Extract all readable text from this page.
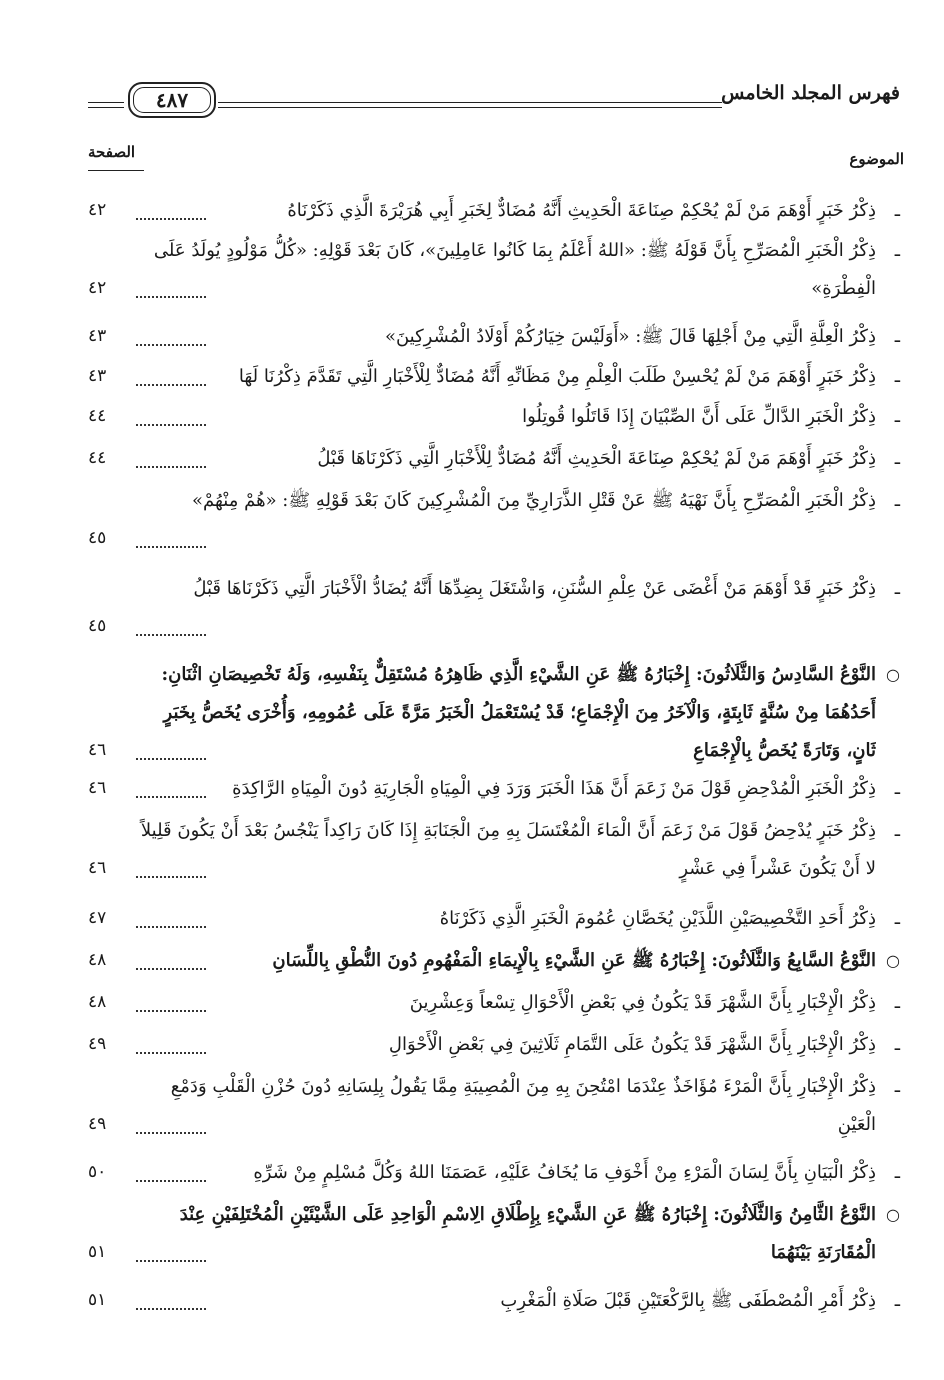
فهرس المجلد الخامس
٤٨٧
الصفحة	الموضوع
ـ
ذِكْرُ خَبَرٍ أَوْهَمَ مَنْ لَمْ يُحْكِمْ صِنَاعَةَ الْحَدِيثِ أَنَّهُ مُضَادٌّ لِخَبَرِ أَبِي هُرَيْرَةَ الَّذِي ذَكَرْنَاهُ
٤٢
ـ
ذِكْرُ الْخَبَرِ الْمُصَرِّحِ بِأَنَّ قَوْلَهُ ﷺ: «اللهُ أَعْلَمُ بِمَا كَانُوا عَامِلِينَ»، كَانَ بَعْدَ قَوْلِهِ: «كُلُّ مَوْلُودٍ يُولَدُ عَلَى الْفِطْرَةِ»
٤٢
ـ
ذِكْرُ الْعِلَّةِ الَّتِي مِنْ أَجْلِهَا قَالَ ﷺ: «أَوَلَيْسَ خِيَارُكُمْ أَوْلَادُ الْمُشْرِكِينَ»
٤٣
ـ
ذِكْرُ خَبَرٍ أَوْهَمَ مَنْ لَمْ يُحْسِنْ طَلَبَ الْعِلْمِ مِنْ مَظَانِّهِ أَنَّهُ مُضَادٌّ لِلْأَخْبَارِ الَّتِي تَقَدَّمَ ذِكْرُنَا لَهَا
٤٣
ـ
ذِكْرُ الْخَبَرِ الدَّالِّ عَلَى أَنَّ الصِّبْيَانَ إِذَا قَاتَلُوا قُوتِلُوا
٤٤
ـ
ذِكْرُ خَبَرٍ أَوْهَمَ مَنْ لَمْ يُحْكِمْ صِنَاعَةَ الْحَدِيثِ أَنَّهُ مُضَادٌّ لِلْأَخْبَارِ الَّتِي ذَكَرْنَاهَا قَبْلُ
٤٤
ـ
ذِكْرُ الْخَبَرِ الْمُصَرِّحِ بِأَنَّ نَهْيَهُ ﷺ عَنْ قَتْلِ الذَّرَارِيِّ مِنَ الْمُشْرِكِينَ كَانَ بَعْدَ قَوْلِهِ ﷺ: «هُمْ مِنْهُمْ»
٤٥
ـ
ذِكْرُ خَبَرٍ قَدْ أَوْهَمَ مَنْ أَغْضَى عَنْ عِلْمِ السُّنَنِ، وَاشْتَغَلَ بِضِدِّهَا أَنَّهُ يُضَادُّ الْأَخْبَارَ الَّتِي ذَكَرْنَاهَا قَبْلُ
٤٥
○
النَّوْعُ السَّادِسُ وَالثَّلَاثُونَ: إِخْبَارُهُ ﷺ عَنِ الشَّيْءِ الَّذِي ظَاهِرُهُ مُسْتَقِلٌّ بِنَفْسِهِ، وَلَهُ تَخْصِيصَانِ اثْنَانِ: أَحَدُهُمَا مِنْ سُنَّةٍ ثَابِتَةٍ، وَالْآخَرُ مِنَ الْإِجْمَاعِ؛ قَدْ يُسْتَعْمَلُ الْخَبَرُ مَرَّةً عَلَى عُمُومِهِ، وَأُخْرَى يُخَصُّ بِخَبَرٍ ثَانٍ، وَتَارَةً يُخَصُّ بِالْإِجْمَاعِ
٤٦
ـ
ذِكْرُ الْخَبَرِ الْمُدْحِضِ قَوْلَ مَنْ زَعَمَ أَنَّ هَذَا الْخَبَرَ وَرَدَ فِي الْمِيَاهِ الْجَارِيَةِ دُونَ الْمِيَاهِ الرَّاكِدَةِ
٤٦
ـ
ذِكْرُ خَبَرٍ يُدْحِضُ قَوْلَ مَنْ زَعَمَ أَنَّ الْمَاءَ الْمُغْتَسَلَ بِهِ مِنَ الْجَنَابَةِ إِذَا كَانَ رَاكِداً يَنْجُسُ بَعْدَ أَنْ يَكُونَ قَلِيلاً لا أَنْ يَكُونَ عَشْراً فِي عَشْرٍ
٤٦
ـ
ذِكْرُ أَحَدِ التَّخْصِيصَيْنِ اللَّذَيْنِ يُخَصَّانِ عُمُومَ الْخَبَرِ الَّذِي ذَكَرْنَاهُ
٤٧
○
النَّوْعُ السَّابِعُ وَالثَّلَاثُونَ: إِخْبَارُهُ ﷺ عَنِ الشَّيْءِ بِالْإِيمَاءِ الْمَفْهُومِ دُونَ النُّطْقِ بِاللِّسَانِ
٤٨
ـ
ذِكْرُ الْإِخْبَارِ بِأَنَّ الشَّهْرَ قَدْ يَكُونُ فِي بَعْضِ الْأَحْوَالِ تِسْعاً وَعِشْرِينَ
٤٨
ـ
ذِكْرُ الْإِخْبَارِ بِأَنَّ الشَّهْرَ قَدْ يَكُونُ عَلَى التَّمَامِ ثَلَاثِينَ فِي بَعْضِ الْأَحْوَالِ
٤٩
ـ
ذِكْرُ الْإِخْبَارِ بِأَنَّ الْمَرْءَ مُؤَاخَذٌ عِنْدَمَا امْتُحِنَ بِهِ مِنَ الْمُصِيبَةِ مِمَّا يَقُولُ بِلِسَانِهِ دُونَ حُزْنِ الْقَلْبِ وَدَمْعِ الْعَيْنِ
٤٩
ـ
ذِكْرُ الْبَيَانِ بِأَنَّ لِسَانَ الْمَرْءِ مِنْ أَخْوَفِ مَا يُخَافُ عَلَيْهِ، عَصَمَنَا اللهُ وَكُلَّ مُسْلِمٍ مِنْ شَرِّهِ
٥٠
○
النَّوْعُ الثَّامِنُ وَالثَّلَاثُونَ: إِخْبَارُهُ ﷺ عَنِ الشَّيْءِ بِإِطْلَاقِ الِاسْمِ الْوَاحِدِ عَلَى الشَّيْئَيْنِ الْمُخْتَلِفَيْنِ عِنْدَ الْمُقَارَنَةِ بَيْنَهُمَا
٥١
ـ
ذِكْرُ أَمْرِ الْمُصْطَفَى ﷺ بِالرَّكْعَتَيْنِ قَبْلَ صَلَاةِ الْمَغْرِبِ
٥١
